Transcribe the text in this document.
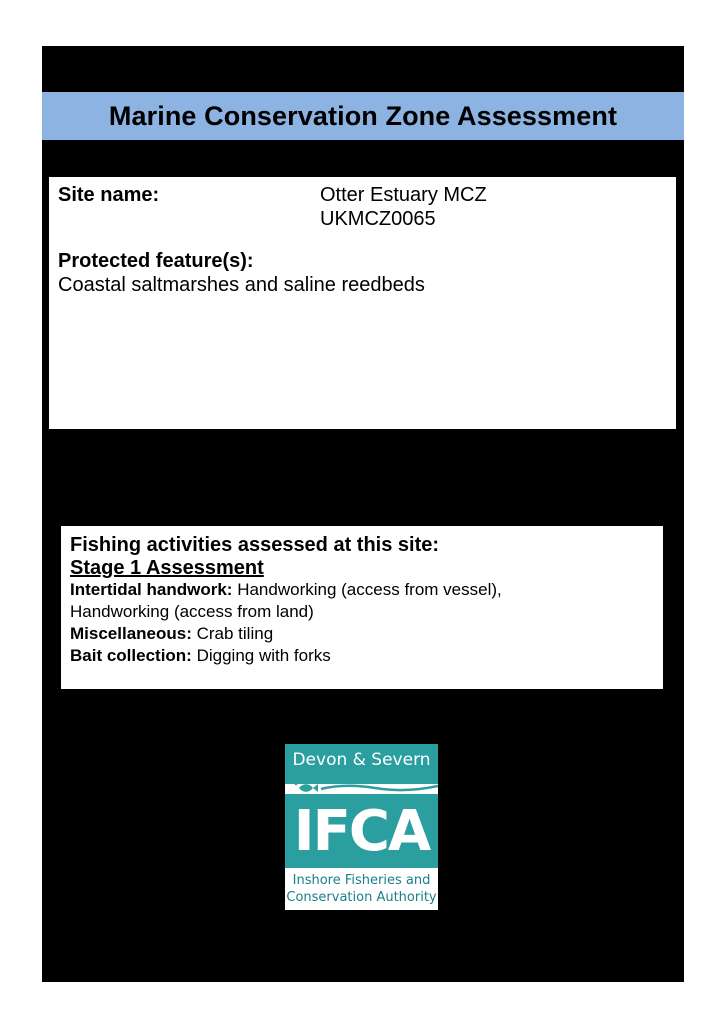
Marine Conservation Zone Assessment
Site name:	Otter Estuary MCZ
UKMCZ0065
Protected feature(s):
Coastal saltmarshes and saline reedbeds
Fishing activities assessed at this site:
Stage 1 Assessment
Intertidal handwork: Handworking (access from vessel),
Handworking (access from land)
Miscellaneous: Crab tiling
Bait collection: Digging with forks
Devon & Severn
IFCA
Inshore Fisheries and
Conservation Authority
